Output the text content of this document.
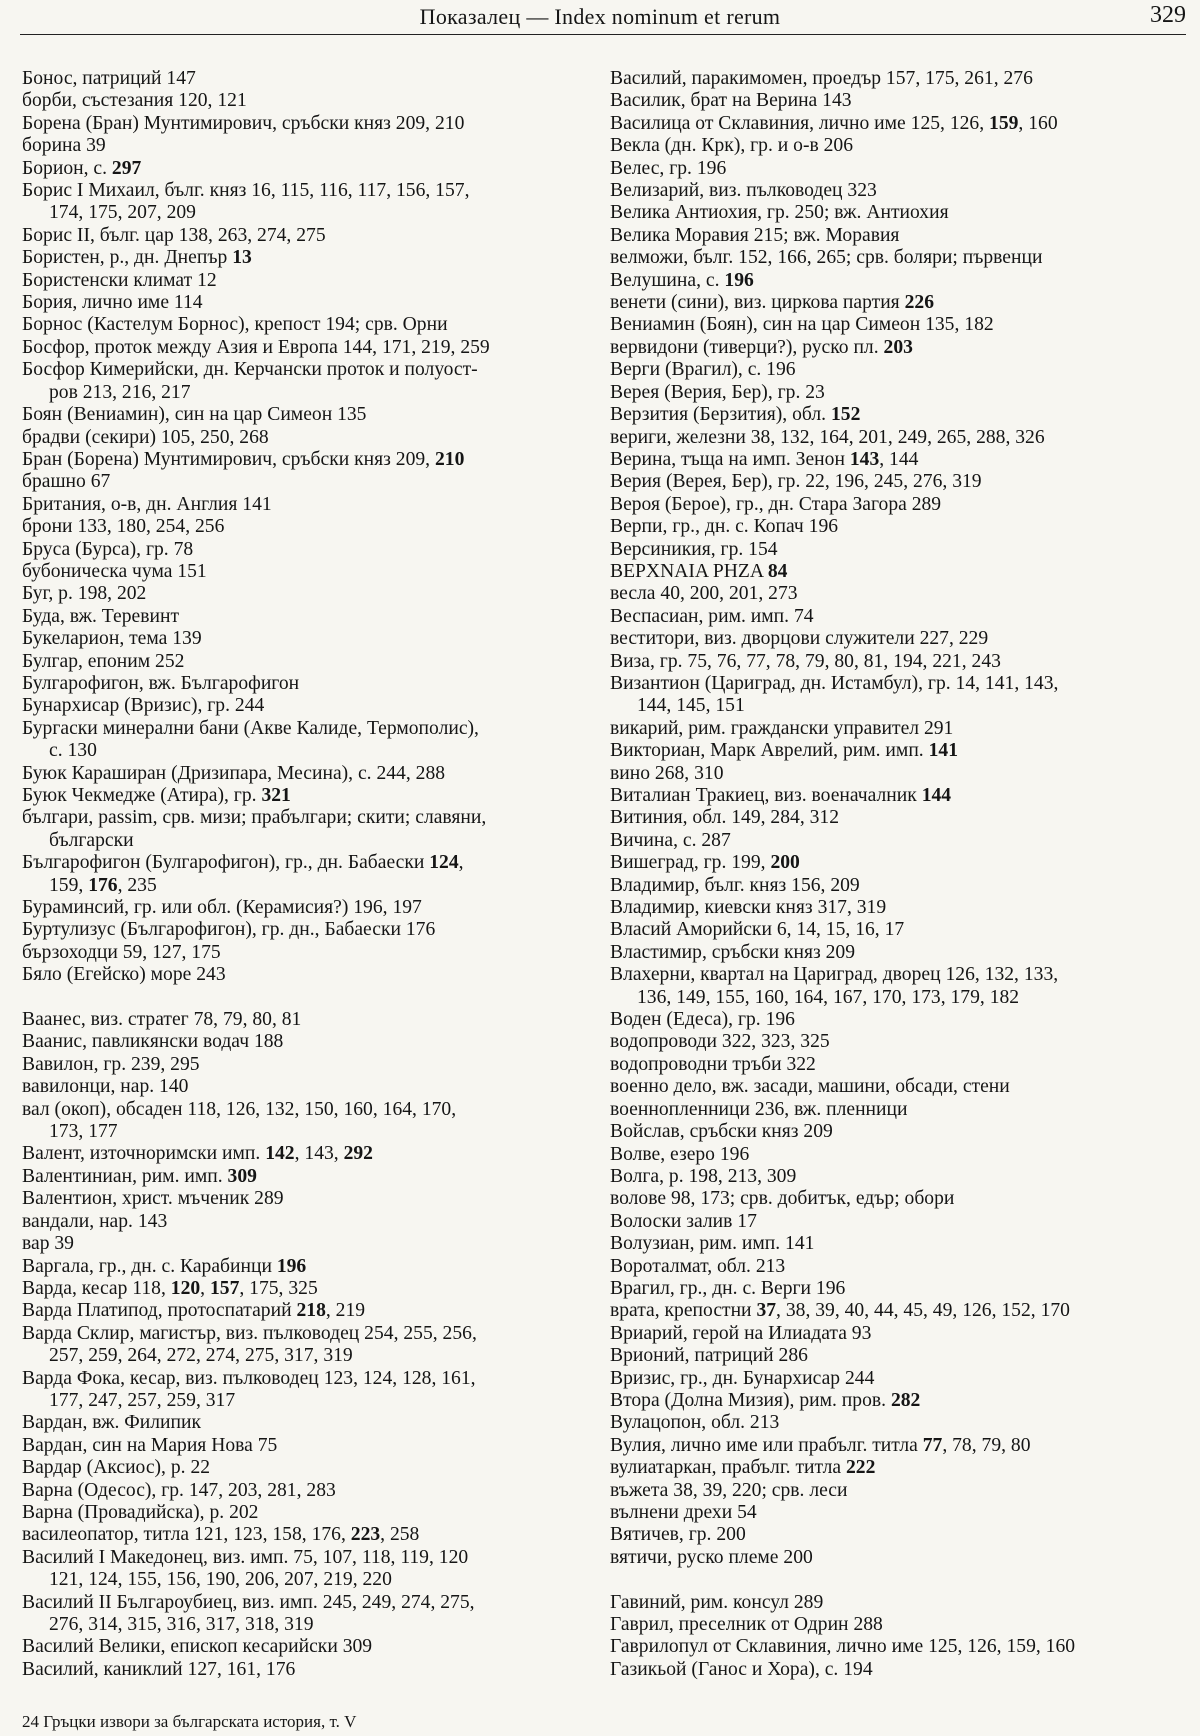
Показалец — Index nominum et rerum	329
Бонос, патриций 147
борби, състезания 120, 121
Борена (Бран) Мунтимирович, сръбски княз 209, 210
борина 39
Борион, с. 297
Борис I Михаил, бълг. княз 16, 115, 116, 117, 156, 157,
174, 175, 207, 209
Борис II, бълг. цар 138, 263, 274, 275
Бористен, р., дн. Днепър 13
Бористенски климат 12
Бория, лично име 114
Борнос (Кастелум Борнос), крепост 194; срв. Орни
Босфор, проток между Азия и Европа 144, 171, 219, 259
Босфор Кимерийски, дн. Керчански проток и полуост-
ров 213, 216, 217
Боян (Вениамин), син на цар Симеон 135
брадви (секири) 105, 250, 268
Бран (Борена) Мунтимирович, сръбски княз 209, 210
брашно 67
Британия, о-в, дн. Англия 141
брони 133, 180, 254, 256
Бруса (Бурса), гр. 78
бубоническа чума 151
Буг, р. 198, 202
Буда, вж. Теревинт
Букеларион, тема 139
Булгар, епоним 252
Булгарофигон, вж. Българофигон
Бунархисар (Вризис), гр. 244
Бургаски минерални бани (Акве Калиде, Термополис),
с. 130
Буюк Караширан (Дризипара, Месина), с. 244, 288
Буюк Чекмедже (Атира), гр. 321
българи, passim, срв. мизи; прабългари; скити; славяни,
български
Българофигон (Булгарофигон), гр., дн. Бабаески 124,
159, 176, 235
Бураминсий, гр. или обл. (Керамисия?) 196, 197
Буртулизус (Българофигон), гр. дн., Бабаески 176
бързоходци 59, 127, 175
Бяло (Егейско) море 243
Ваанес, виз. стратег 78, 79, 80, 81
Ваанис, павликянски водач 188
Вавилон, гр. 239, 295
вавилонци, нар. 140
вал (окоп), обсаден 118, 126, 132, 150, 160, 164, 170,
173, 177
Валент, източноримски имп. 142, 143, 292
Валентиниан, рим. имп. 309
Валентион, христ. мъченик 289
вандали, нар. 143
вар 39
Варгала, гр., дн. с. Карабинци 196
Варда, кесар 118, 120, 157, 175, 325
Варда Платипод, протоспатарий 218, 219
Варда Склир, магистър, виз. пълководец 254, 255, 256,
257, 259, 264, 272, 274, 275, 317, 319
Варда Фока, кесар, виз. пълководец 123, 124, 128, 161,
177, 247, 257, 259, 317
Вардан, вж. Филипик
Вардан, син на Мария Нова 75
Вардар (Аксиос), р. 22
Варна (Одесос), гр. 147, 203, 281, 283
Варна (Провадийска), р. 202
василеопатор, титла 121, 123, 158, 176, 223, 258
Василий I Македонец, виз. имп. 75, 107, 118, 119, 120
121, 124, 155, 156, 190, 206, 207, 219, 220
Василий II Българоубиец, виз. имп. 245, 249, 274, 275,
276, 314, 315, 316, 317, 318, 319
Василий Велики, епископ кесарийски 309
Василий, каниклий 127, 161, 176
Василий, паракимомен, проедър 157, 175, 261, 276
Василик, брат на Верина 143
Василица от Склавиния, лично име 125, 126, 159, 160
Векла (дн. Крк), гр. и о-в 206
Велес, гр. 196
Велизарий, виз. пълководец 323
Велика Антиохия, гр. 250; вж. Антиохия
Велика Моравия 215; вж. Моравия
велможи, бълг. 152, 166, 265; срв. боляри; първенци
Велушина, с. 196
венети (сини), виз. циркова партия 226
Вениамин (Боян), син на цар Симеон 135, 182
вервидони (тиверци?), руско пл. 203
Верги (Врагил), с. 196
Верея (Верия, Бер), гр. 23
Верзития (Берзития), обл. 152
вериги, железни 38, 132, 164, 201, 249, 265, 288, 326
Верина, тъща на имп. Зенон 143, 144
Верия (Верея, Бер), гр. 22, 196, 245, 276, 319
Вероя (Бероe), гр., дн. Стара Загора 289
Верпи, гр., дн. с. Копач 196
Версиникия, гр. 154
ΒΕΡΧΝΑΙΑ ΡΗΖΑ 84
весла 40, 200, 201, 273
Веспасиан, рим. имп. 74
веститори, виз. дворцови служители 227, 229
Виза, гр. 75, 76, 77, 78, 79, 80, 81, 194, 221, 243
Византион (Цариград, дн. Истамбул), гр. 14, 141, 143,
144, 145, 151
викарий, рим. граждански управител 291
Викториан, Марк Аврелий, рим. имп. 141
вино 268, 310
Виталиан Тракиец, виз. военачалник 144
Витиния, обл. 149, 284, 312
Вичина, с. 287
Вишеград, гр. 199, 200
Владимир, бълг. княз 156, 209
Владимир, киевски княз 317, 319
Власий Аморийски 6, 14, 15, 16, 17
Властимир, сръбски княз 209
Влахерни, квартал на Цариград, дворец 126, 132, 133,
136, 149, 155, 160, 164, 167, 170, 173, 179, 182
Воден (Едеса), гр. 196
водопроводи 322, 323, 325
водопроводни тръби 322
военно дело, вж. засади, машини, обсади, стени
военнопленници 236, вж. пленници
Войслав, сръбски княз 209
Волве, езеро 196
Волга, р. 198, 213, 309
волове 98, 173; срв. добитък, едър; обори
Волоски залив 17
Волузиан, рим. имп. 141
Вороталмат, обл. 213
Врагил, гр., дн. с. Верги 196
врата, крепостни 37, 38, 39, 40, 44, 45, 49, 126, 152, 170
Вриарий, герой на Илиадата 93
Врионий, патриций 286
Вризис, гр., дн. Бунархисар 244
Втора (Долна Мизия), рим. пров. 282
Вулацопон, обл. 213
Вулия, лично име или прабълг. титла 77, 78, 79, 80
вулиатаркан, прабълг. титла 222
въжета 38, 39, 220; срв. леси
вълнени дрехи 54
Вятичев, гр. 200
вятичи, руско племе 200
Гавиний, рим. консул 289
Гаврил, преселник от Одрин 288
Гаврилопул от Склавиния, лично име 125, 126, 159, 160
Газикьой (Ганос и Хора), с. 194
24 Гръцки извори за българската история, т. V
